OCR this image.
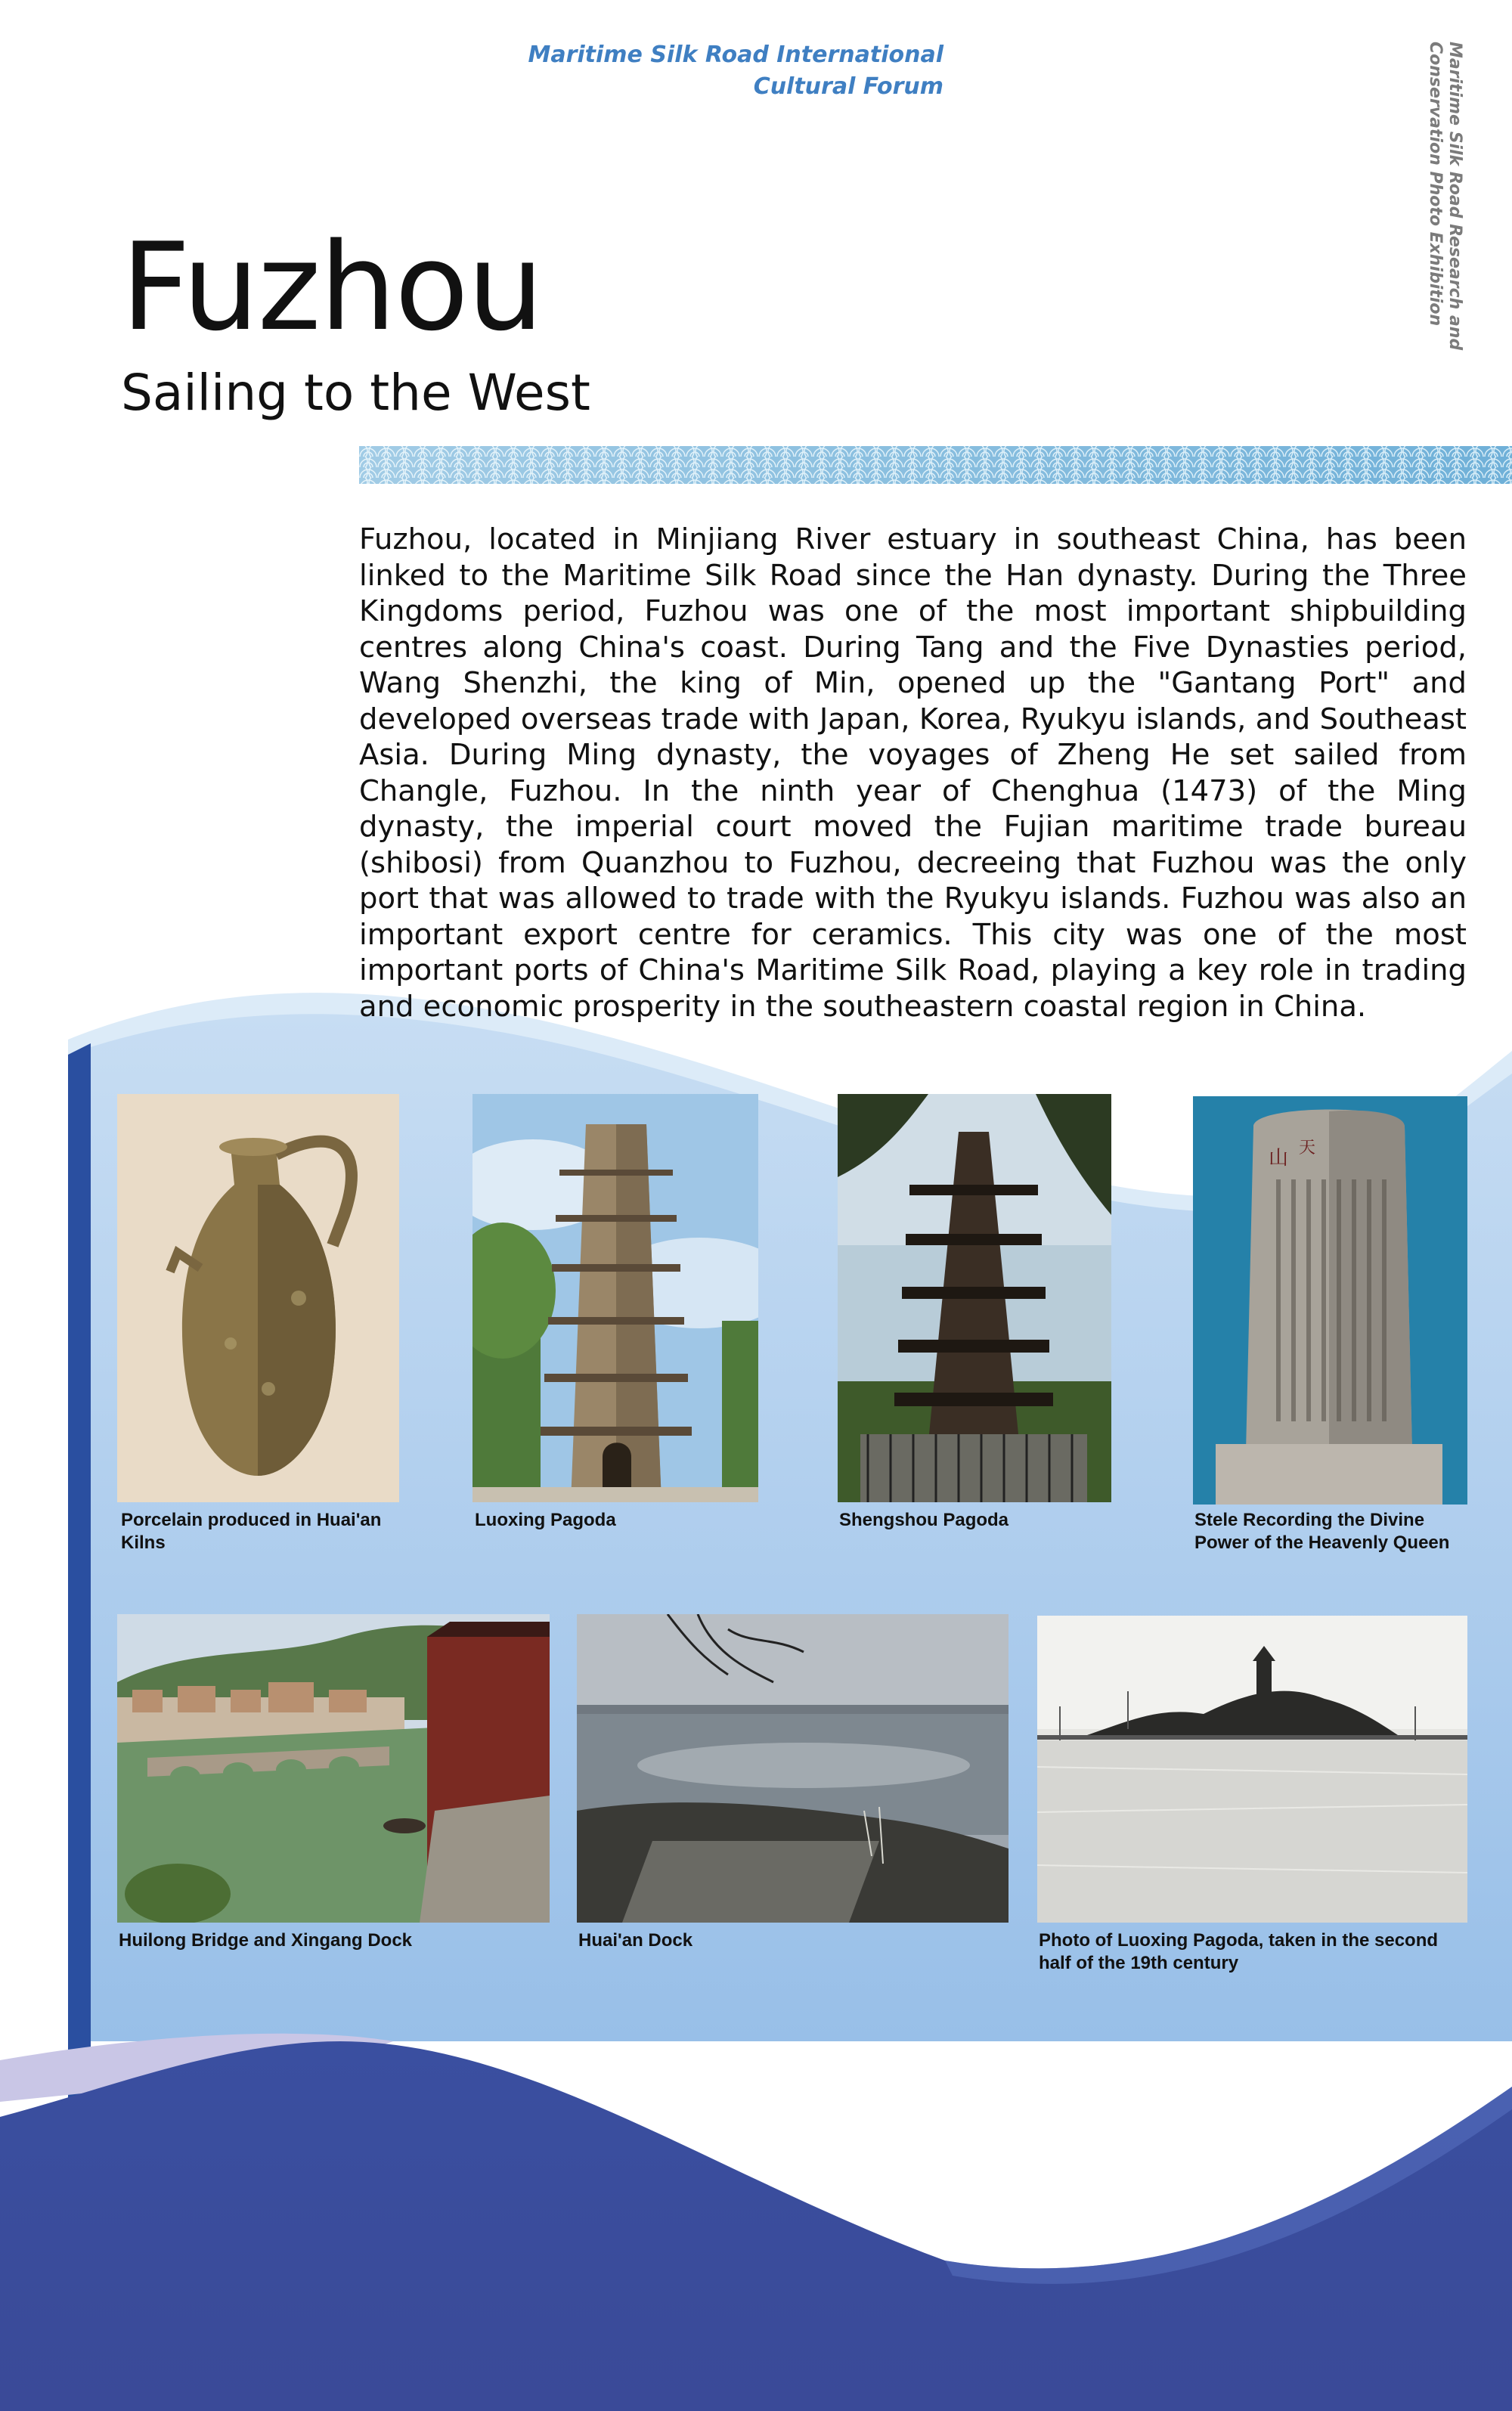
Maritime Silk Road International
Cultural Forum	Maritime Silk Road Research and
Conservation Photo Exhibition
Fuzhou
Sailing to the West
Fuzhou, located in Minjiang River estuary in southeast China, has been linked to the Maritime Silk Road since the Han dynasty. During the Three Kingdoms period, Fuzhou was one of the most important shipbuilding centres along China's coast. During Tang and the Five Dynasties period, Wang Shenzhi, the king of Min, opened up the "Gantang Port" and developed overseas trade with Japan, Korea, Ryukyu islands, and Southeast Asia. During Ming dynasty, the voyages of Zheng He set sailed from Changle, Fuzhou. In the ninth year of Chenghua (1473) of the Ming dynasty, the imperial court moved the Fujian maritime trade bureau (shibosi) from Quanzhou to Fuzhou, decreeing that Fuzhou was the only port that was allowed to trade with the Ryukyu islands. Fuzhou was also an important export centre for ceramics. This city was one of the most important ports of China's Maritime Silk Road, playing a key role in trading and economic prosperity in the southeastern coastal region in China.
Porcelain produced in Huai'an
Kilns
Luoxing Pagoda	Shengshou Pagoda
山 天
Stele Recording the Divine
Power of the Heavenly Queen
Huilong Bridge and Xingang Dock	Huai'an Dock	Photo of Luoxing Pagoda, taken in the second
half of the 19th century
